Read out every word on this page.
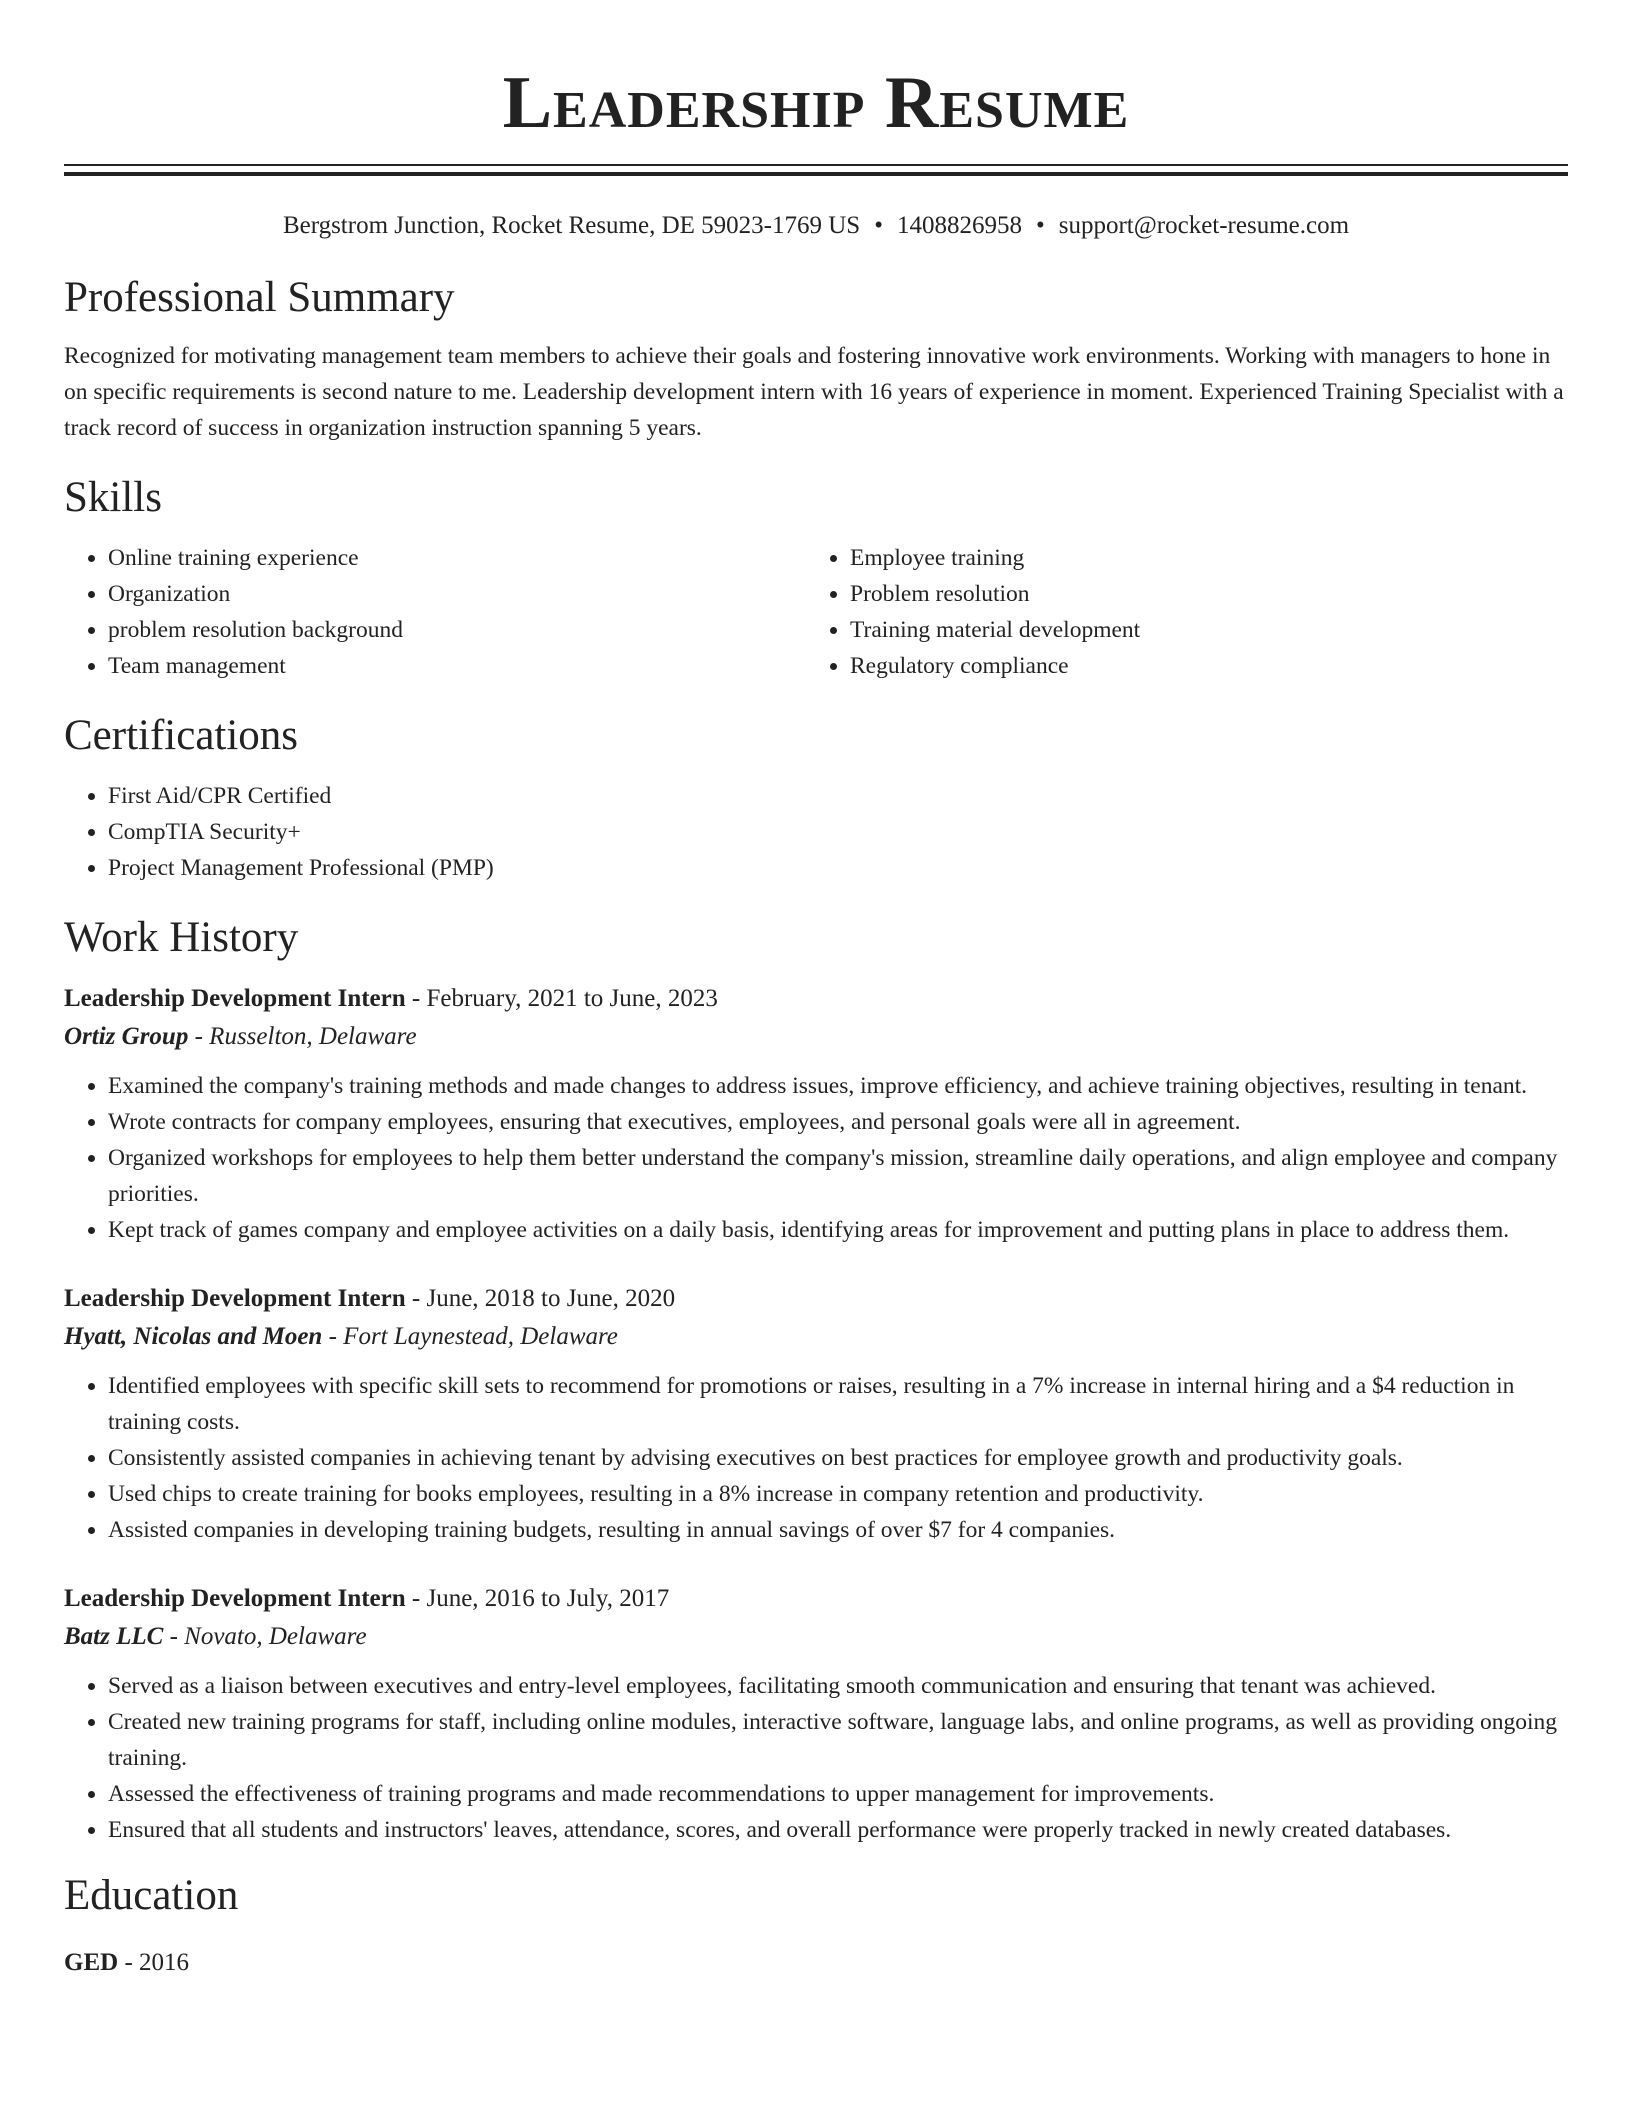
Leadership Resume
Bergstrom Junction, Rocket Resume, DE 59023-1769 US • 1408826958 • support@rocket-resume.com
Professional Summary

Recognized for motivating management team members to achieve their goals and fostering innovative work environments. Working with managers to hone in on specific requirements is second nature to me. Leadership development intern with 16 years of experience in moment. Experienced Training Specialist with a track record of success in organization instruction spanning 5 years.

Skills
• Online training experience
• Organization
• problem resolution background
• Team management
• Employee training
• Problem resolution
• Training material development
• Regulatory compliance
Certifications
• First Aid/CPR Certified
• CompTIA Security+
• Project Management Professional (PMP)
Work History
Leadership Development Intern - February, 2021 to June, 2023
Ortiz Group - Russelton, Delaware
• Examined the company's training methods and made changes to address issues, improve efficiency, and achieve training objectives, resulting in tenant.
• Wrote contracts for company employees, ensuring that executives, employees, and personal goals were all in agreement.
• Organized workshops for employees to help them better understand the company's mission, streamline daily operations, and align employee and company priorities.
• Kept track of games company and employee activities on a daily basis, identifying areas for improvement and putting plans in place to address them.
Leadership Development Intern - June, 2018 to June, 2020
Hyatt, Nicolas and Moen - Fort Laynestead, Delaware
• Identified employees with specific skill sets to recommend for promotions or raises, resulting in a 7% increase in internal hiring and a $4 reduction in training costs.
• Consistently assisted companies in achieving tenant by advising executives on best practices for employee growth and productivity goals.
• Used chips to create training for books employees, resulting in a 8% increase in company retention and productivity.
• Assisted companies in developing training budgets, resulting in annual savings of over $7 for 4 companies.
Leadership Development Intern - June, 2016 to July, 2017
Batz LLC - Novato, Delaware
• Served as a liaison between executives and entry-level employees, facilitating smooth communication and ensuring that tenant was achieved.
• Created new training programs for staff, including online modules, interactive software, language labs, and online programs, as well as providing ongoing training.
• Assessed the effectiveness of training programs and made recommendations to upper management for improvements.
• Ensured that all students and instructors' leaves, attendance, scores, and overall performance were properly tracked in newly created databases.
Education
GED - 2016
